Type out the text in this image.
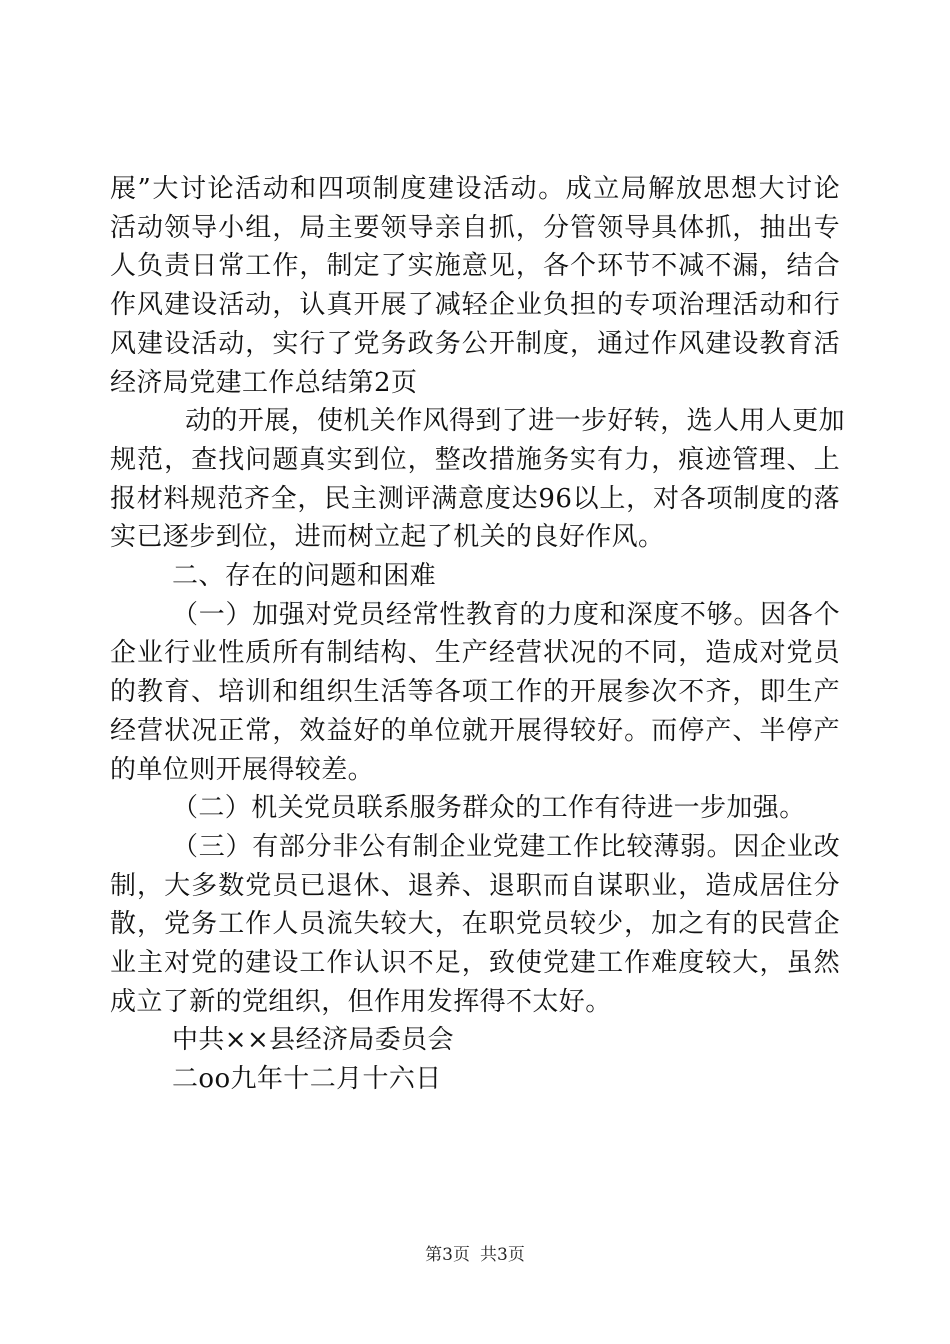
展”大讨论活动和四项制度建设活动。成立局解放思想大讨论
活动领导小组，局主要领导亲自抓，分管领导具体抓，抽出专
人负责日常工作，制定了实施意见，各个环节不减不漏，结合
作风建设活动，认真开展了减轻企业负担的专项治理活动和行
风建设活动，实行了党务政务公开制度，通过作风建设教育活
经济局党建工作总结第2页
动的开展，使机关作风得到了进一步好转，选人用人更加
规范，查找问题真实到位，整改措施务实有力，痕迹管理、上
报材料规范齐全，民主测评满意度达96以上，对各项制度的落
实已逐步到位，进而树立起了机关的良好作风。
二、存在的问题和困难
（一）加强对党员经常性教育的力度和深度不够。因各个
企业行业性质所有制结构、生产经营状况的不同，造成对党员
的教育、培训和组织生活等各项工作的开展参次不齐，即生产
经营状况正常，效益好的单位就开展得较好。而停产、半停产
的单位则开展得较差。
（二）机关党员联系服务群众的工作有待进一步加强。
（三）有部分非公有制企业党建工作比较薄弱。因企业改
制，大多数党员已退休、退养、退职而自谋职业，造成居住分
散，党务工作人员流失较大，在职党员较少，加之有的民营企
业主对党的建设工作认识不足，致使党建工作难度较大，虽然
成立了新的党组织，但作用发挥得不太好。
中共××县经济局委员会
二oo九年十二月十六日
第3页 共3页
